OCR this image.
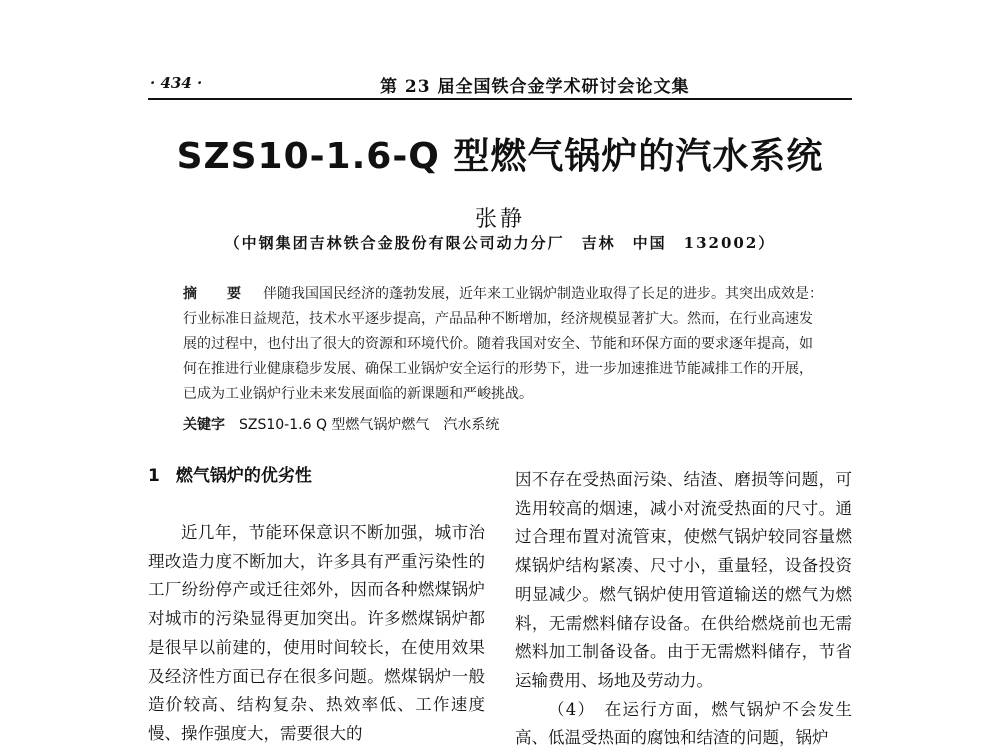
· 434 ·	第 23 届全国铁合金学术研讨会论文集
SZS10-1.6-Q 型燃气锅炉的汽水系统
张静
（中钢集团吉林铁合金股份有限公司动力分厂　吉林　中国　132002）
摘　要 伴随我国国民经济的蓬勃发展，近年来工业锅炉制造业取得了长足的进步。其突出成效是：行业标准日益规范，技术水平逐步提高，产品品种不断增加，经济规模显著扩大。然而，在行业高速发展的过程中，也付出了很大的资源和环境代价。随着我国对安全、节能和环保方面的要求逐年提高，如何在推进行业健康稳步发展、确保工业锅炉安全运行的形势下，进一步加速推进节能减排工作的开展，已成为工业锅炉行业未来发展面临的新课题和严峻挑战。
关键字 SZS10-1.6 Q 型燃气锅炉燃气　汽水系统
1 燃气锅炉的优劣性

近几年，节能环保意识不断加强，城市治理改造力度不断加大，许多具有严重污染性的工厂纷纷停产或迁往郊外，因而各种燃煤锅炉对城市的污染显得更加突出。许多燃煤锅炉都是很早以前建的，使用时间较长，在使用效果及经济性方面已存在很多问题。燃煤锅炉一般造价较高、结构复杂、热效率低、工作速度慢、操作强度大，需要很大的

因不存在受热面污染、结渣、磨损等问题，可选用较高的烟速，减小对流受热面的尺寸。通过合理布置对流管束，使燃气锅炉较同容量燃煤锅炉结构紧凑、尺寸小，重量轻，设备投资明显减少。燃气锅炉使用管道输送的燃气为燃料，无需燃料储存设备。在供给燃烧前也无需燃料加工制备设备。由于无需燃料储存，节省运输费用、场地及劳动力。

（4）　在运行方面，燃气锅炉不会发生高、低温受热面的腐蚀和结渣的问题，锅炉
